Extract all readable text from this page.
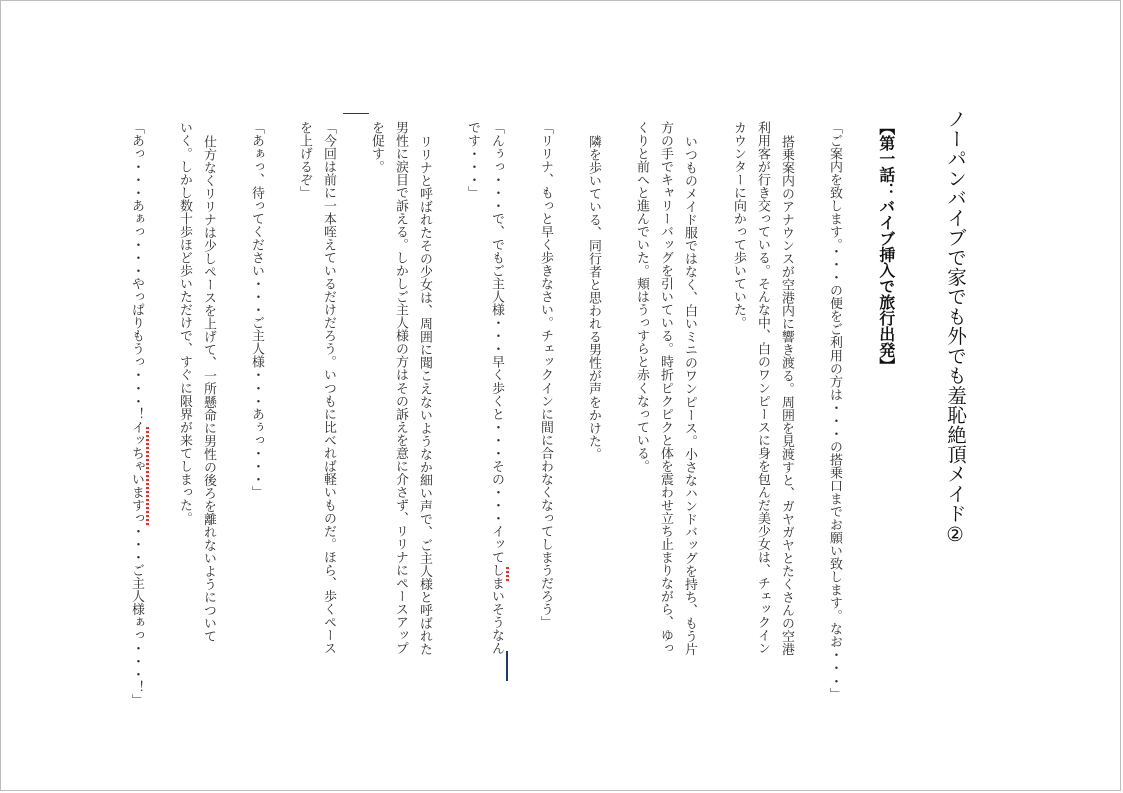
ノーパンバイブで家でも外でも羞恥絶頂メイド②
【第一話：バイブ挿入で旅行出発】
「ご案内を致します。・・・の便をご利用の方は・・・の搭乗口までお願い致します。なお・・・」
搭乗案内のアナウンスが空港内に響き渡る。周囲を見渡すと、ガヤガヤとたくさんの空港
利用客が行き交っている。そんな中、白のワンピースに身を包んだ美少女は、チェックイン
カウンターに向かって歩いていた。
いつものメイド服ではなく、白いミニのワンピース。小さなハンドバッグを持ち、もう片
方の手でキャリーバッグを引いている。時折ピクピクと体を震わせ立ち止まりながら、ゆっ
くりと前へと進んでいた。頬はうっすらと赤くなっている。
隣を歩いている、同行者と思われる男性が声をかけた。
「リリナ、もっと早く歩きなさい。チェックインに間に合わなくなってしまうだろう」
「んぅっ・・・で、でもご主人様・・・早く歩くと・・・その・・・イッてしまいそうなん
です・・・」
リリナと呼ばれたその少女は、周囲に聞こえないようなか細い声で、ご主人様と呼ばれた
男性に涙目で訴える。しかしご主人様の方はその訴えを意に介さず、リリナにペースアップ
を促す。
「今回は前に一本咥えているだけだろう。いつもに比べれば軽いものだ。ほら、歩くペース
を上げるぞ」
「あぁっ、待ってください・・・ご主人様・・・あぅっ・・・」
仕方なくリリナは少しペースを上げて、一所懸命に男性の後ろを離れないようについて
いく。しかし数十歩ほど歩いただけで、すぐに限界が来てしまった。
「あっ・・・あぁっ・・・やっぱりもうっ・・・！イッちゃいますっ・・・ご主人様ぁっ・・・！」
